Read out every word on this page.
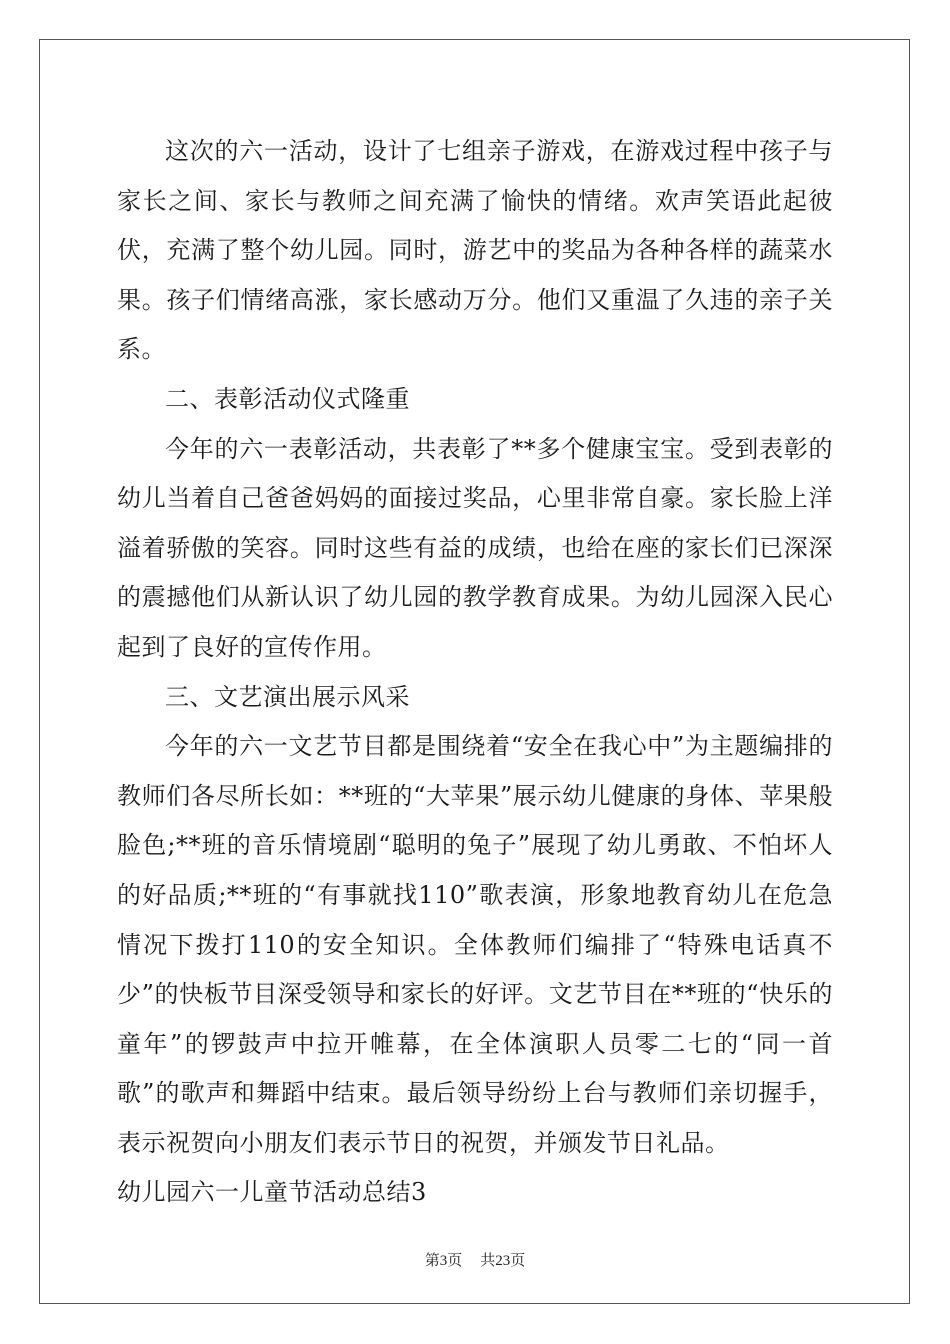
这次的六一活动，设计了七组亲子游戏，在游戏过程中孩子与家长之间、家长与教师之间充满了愉快的情绪。欢声笑语此起彼伏，充满了整个幼儿园。同时，游艺中的奖品为各种各样的蔬菜水果。孩子们情绪高涨，家长感动万分。他们又重温了久违的亲子关系。

二、表彰活动仪式隆重

今年的六一表彰活动，共表彰了**多个健康宝宝。受到表彰的幼儿当着自己爸爸妈妈的面接过奖品，心里非常自豪。家长脸上洋溢着骄傲的笑容。同时这些有益的成绩，也给在座的家长们已深深的震撼他们从新认识了幼儿园的教学教育成果。为幼儿园深入民心起到了良好的宣传作用。

三、文艺演出展示风采

今年的六一文艺节目都是围绕着“安全在我心中”为主题编排的教师们各尽所长如：**班的“大苹果”展示幼儿健康的身体、苹果般脸色;**班的音乐情境剧“聪明的兔子”展现了幼儿勇敢、不怕坏人的好品质;**班的“有事就找110”歌表演，形象地教育幼儿在危急情况下拨打110的安全知识。全体教师们编排了“特殊电话真不少”的快板节目深受领导和家长的好评。文艺节目在**班的“快乐的童年”的锣鼓声中拉开帷幕，在全体演职人员零二七的“同一首歌”的歌声和舞蹈中结束。最后领导纷纷上台与教师们亲切握手，表示祝贺向小朋友们表示节日的祝贺，并颁发节日礼品。

幼儿园六一儿童节活动总结3

第3页 共23页
